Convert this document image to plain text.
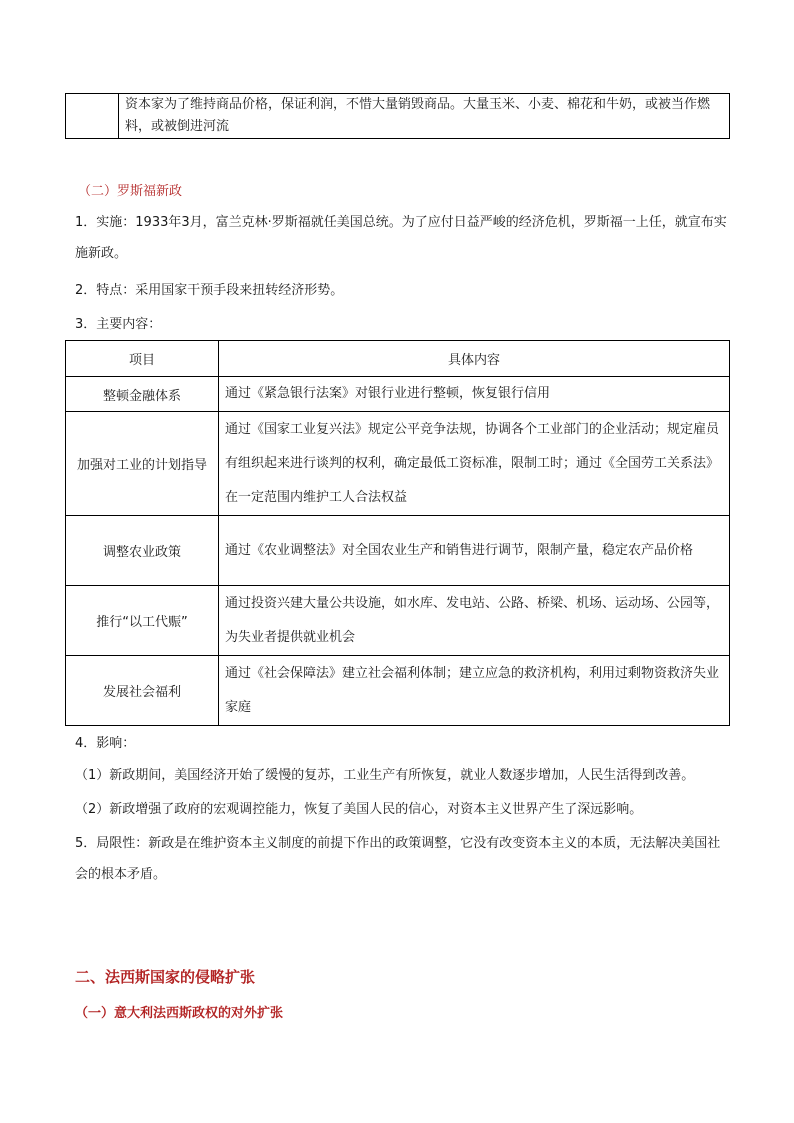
	资本家为了维持商品价格，保证利润，不惜大量销毁商品。大量玉米、小麦、棉花和牛奶，或被当作燃料，或被倒进河流
（二）罗斯福新政
1．实施：1933年3月，富兰克林·罗斯福就任美国总统。为了应付日益严峻的经济危机，罗斯福一上任，就宣布实施新政。
2．特点：采用国家干预手段来扭转经济形势。
3．主要内容：
项目	具体内容
整顿金融体系	通过《紧急银行法案》对银行业进行整顿，恢复银行信用
加强对工业的计划指导	通过《国家工业复兴法》规定公平竞争法规，协调各个工业部门的企业活动；规定雇员有组织起来进行谈判的权利，确定最低工资标准，限制工时；通过《全国劳工关系法》在一定范围内维护工人合法权益
调整农业政策	通过《农业调整法》对全国农业生产和销售进行调节，限制产量，稳定农产品价格
推行“以工代赈”	通过投资兴建大量公共设施，如水库、发电站、公路、桥梁、机场、运动场、公园等，为失业者提供就业机会
发展社会福利	通过《社会保障法》建立社会福利体制；建立应急的救济机构，利用过剩物资救济失业家庭
4．影响：
（1）新政期间，美国经济开始了缓慢的复苏，工业生产有所恢复，就业人数逐步增加，人民生活得到改善。
（2）新政增强了政府的宏观调控能力，恢复了美国人民的信心，对资本主义世界产生了深远影响。
5．局限性：新政是在维护资本主义制度的前提下作出的政策调整，它没有改变资本主义的本质，无法解决美国社会的根本矛盾。
二、法西斯国家的侵略扩张
（一）意大利法西斯政权的对外扩张
